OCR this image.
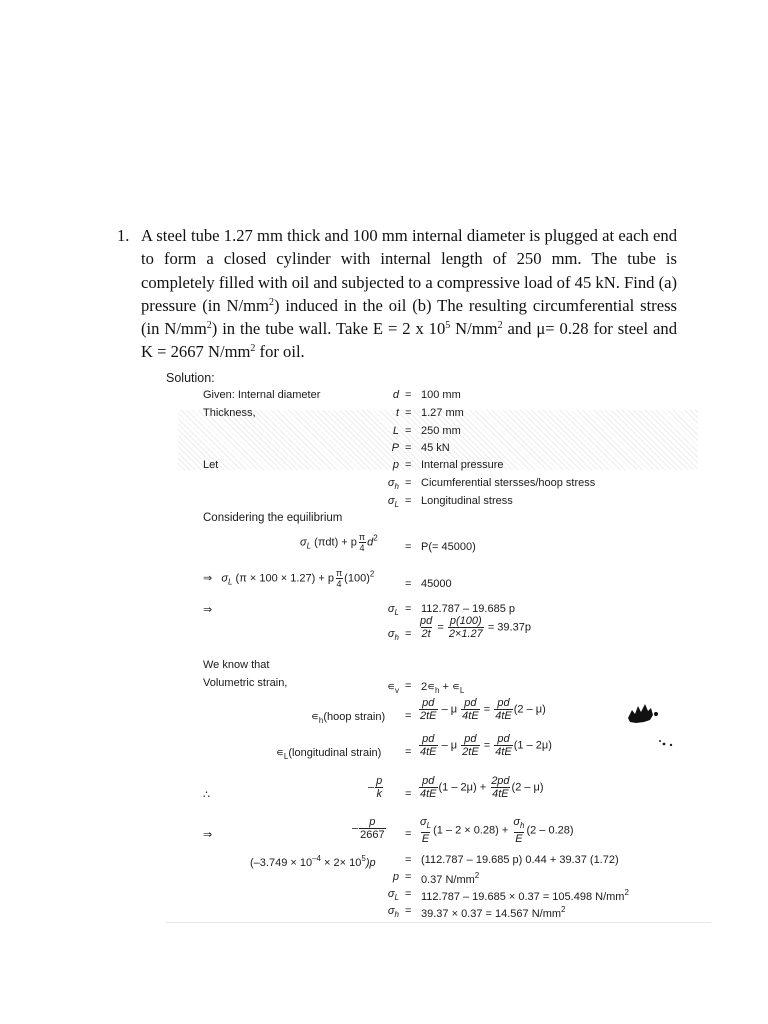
1. A steel tube 1.27 mm thick and 100 mm internal diameter is plugged at each end to form a closed cylinder with internal length of 250 mm. The tube is completely filled with oil and subjected to a compressive load of 45 kN. Find (a) pressure (in $N/mm^2$) induced in the oil (b) The resulting circumferential stress (in $N/mm^2$) in the tube wall. Take E = 2 x $10^5$ $N/mm^2$ and μ= 0.28 for steel and K = 2667 $N/mm^2$ for oil.
Solution:
Given: Internal diameter	d = 100 mm
Thickness,	t = 1.27 mm
L = 250 mm
P = 45 kN
Let	p = Internal pressure
$\sigma_h$ = Cicumferential stersses/hoop stress
$\sigma_L$ = Longitudinal stress
Considering the equilibrium
$\sigma_L$ (πdt) + p $\frac{\pi}{4} d^2$
= P(= 45000)
⇒ $\sigma_L$ (π × 100 × 1.27) + p $\frac{\pi}{4} (100)^2$
= 45000
⇒	$\sigma_L = 112.787 - 19.685$ p
$\sigma_h = \frac{pd}{2t} = \frac{p(100)}{2\times 1.27} = 39.37p$
We know that
Volumetric strain,	$∊_v$ = $2∊_h$ + $∊_L$
$∊_h(hoop$ strain) = $\frac{pd}{2tE} - \mu \frac{pd}{4tE} = \frac{pd}{4tE} (2 - \mu)$
$∊_L(longitudinal$ strain) = $\frac{pd}{4tE} - \mu \frac{pd}{2tE} = \frac{pd}{4tE} (1 - 2\mu)$
∴
– $\frac{p}{k} = \frac{pd}{4tE} (1 - 2\mu) + \frac{2pd}{4tE} (2 - \mu)$
⇒
– $\frac{p}{2667} = \frac{\sigma_L}{E} (1 - 2 \times 0.28) + \frac{\sigma_h}{E} (2 - 0.28)$
$(-3.749 \times 10^{-4} \times 2\times 10^5)p$	= (112.787 – 19.685 p) 0.44 + 39.37 (1.72)
p = 0.37 $N/mm^2$
$\sigma_L = 112.787 - 19.685 \times 0.37 = 105.498$ $N/mm^2$
$\sigma_h = 39.37 \times 0.37 = 14.567$ $N/mm^2$
